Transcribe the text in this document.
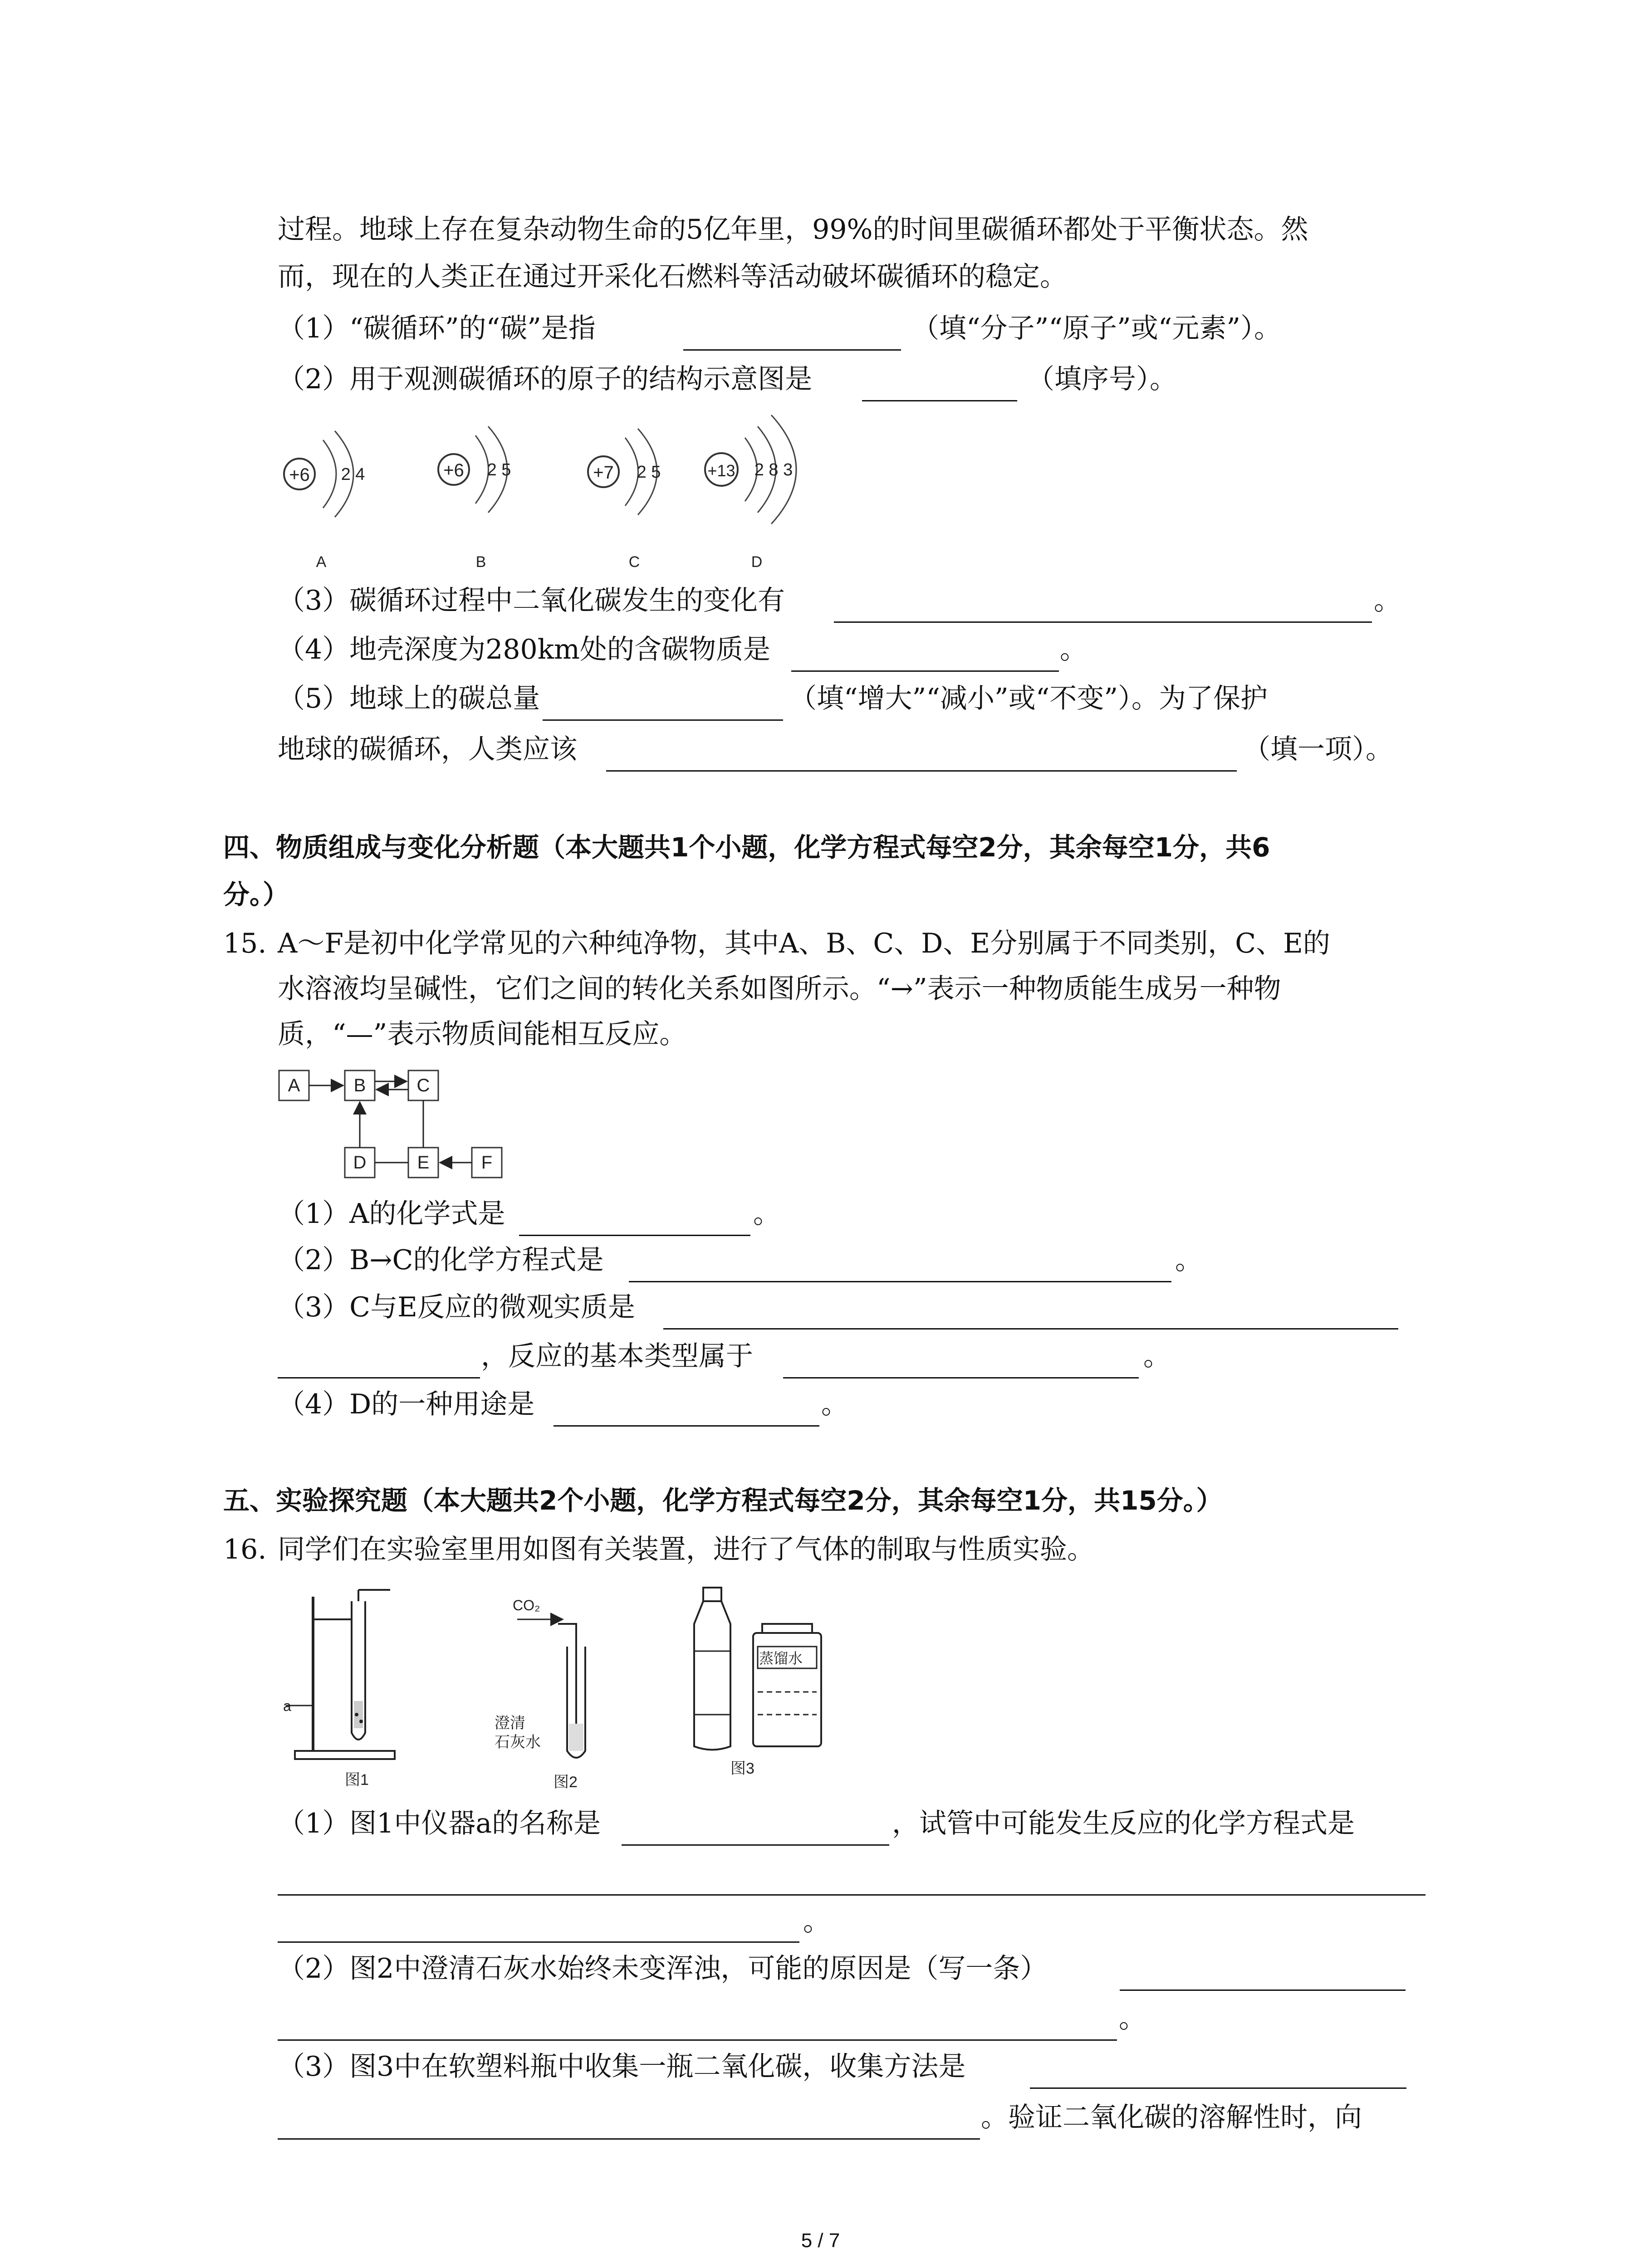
过程。地球上存在复杂动物生命的5亿年里，99%的时间里碳循环都处于平衡状态。然
而，现在的人类正在通过开采化石燃料等活动破坏碳循环的稳定。
（1）“碳循环”的“碳”是指	（填“分子”“原子”或“元素”）。
（2）用于观测碳循环的原子的结构示意图是	（填序号）。
+6 2 4
A
+6 2 5
B
+7 2 5
C
+13 2 8 3
D
（3）碳循环过程中二氧化碳发生的变化有	。
（4）地壳深度为280km处的含碳物质是	。
（5）地球上的碳总量	（填“增大”“减小”或“不变”）。为了保护
地球的碳循环，人类应该	（填一项）。
四、物质组成与变化分析题（本大题共1个小题，化学方程式每空2分，其余每空1分，共6
分。）
15. A～F是初中化学常见的六种纯净物，其中A、B、C、D、E分别属于不同类别，C、E的
水溶液均呈碱性，它们之间的转化关系如图所示。“→”表示一种物质能生成另一种物
质，“—”表示物质间能相互反应。
A	B	C
D	E	F
（1）A的化学式是	。
（2）B→C的化学方程式是	。
（3）C与E反应的微观实质是
，反应的基本类型属于	。
（4）D的一种用途是	。
五、实验探究题（本大题共2个小题，化学方程式每空2分，其余每空1分，共15分。）
16. 同学们在实验室里用如图有关装置，进行了气体的制取与性质实验。
a
图1
CO₂
澄清
石灰水
图2
蒸馏水
图3
（1）图1中仪器a的名称是	，试管中可能发生反应的化学方程式是
。
（2）图2中澄清石灰水始终未变浑浊，可能的原因是（写一条）
。
（3）图3中在软塑料瓶中收集一瓶二氧化碳，收集方法是
。验证二氧化碳的溶解性时，向
5 / 7
